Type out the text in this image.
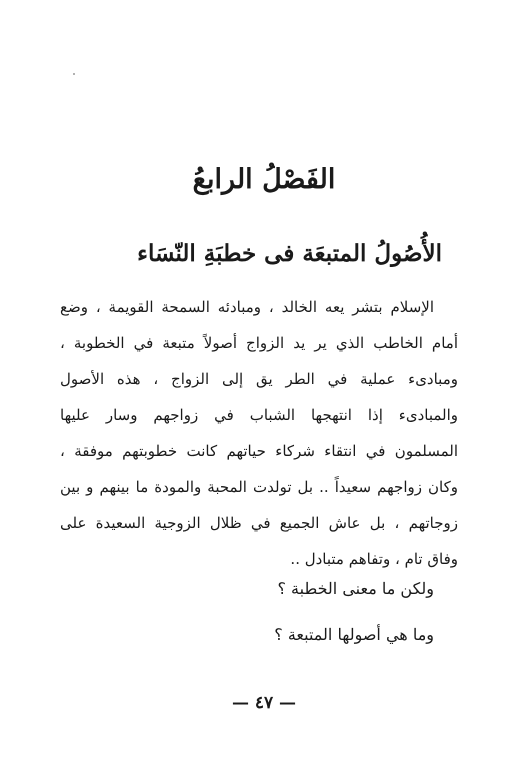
الفَصْلُ الرابعُ
الأُصُولُ المتبعَة فى خطبَةِ النّسَاء
الإسلام بتشر يعه الخالد ، ومبادئه السمحة القويمة ، وضع
أمام الخاطب الذي ير يد الزواج أصولاً متبعة في الخطوبة ،
ومبادىء عملية في الطر يق إلى الزواج ، هذه الأصول
والمبادىء إذا انتهجها الشباب في زواجهم وسار عليها
المسلمون في انتقاء شركاء حياتهم كانت خطوبتهم موفقة ،
وكان زواجهم سعيداً .. بل تولدت المحبة والمودة ما بينهم و بين
زوجاتهم ، بل عاش الجميع في ظلال الزوجية السعيدة على
وفاق تام ، وتفاهم متبادل ..
ولكن ما معنى الخطبة ؟
وما هي أصولها المتبعة ؟
— ٤٧ —
